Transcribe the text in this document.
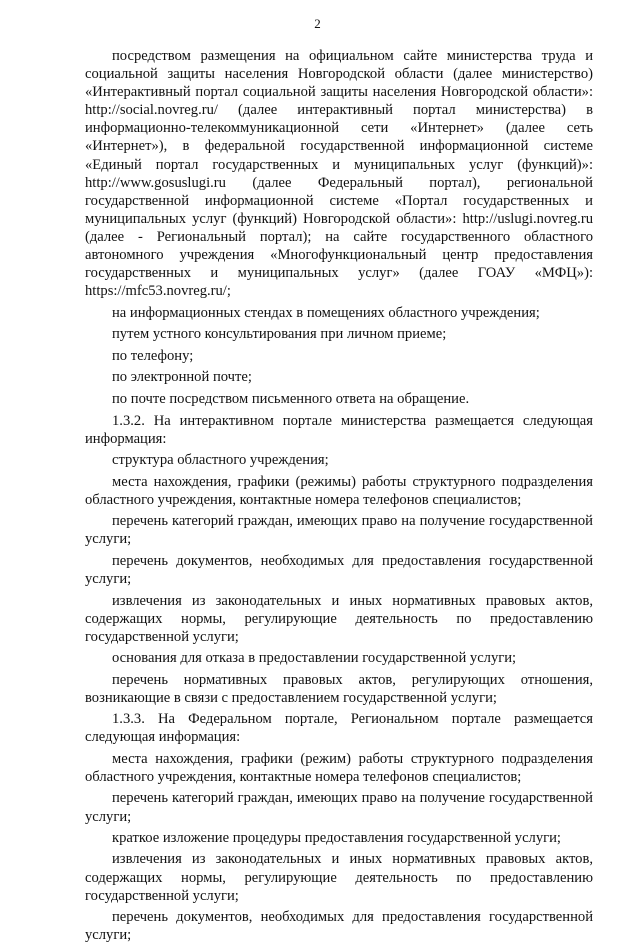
2

посредством размещения на официальном сайте министерства труда и социальной защиты населения Новгородской области (далее министерство) «Интерактивный портал социальной защиты населения Новгородской области»: http://social.novreg.ru/ (далее интерактивный портал министерства) в информационно-телекоммуникационной сети «Интернет» (далее сеть «Интернет»), в федеральной государственной информационной системе «Единый портал государственных и муниципальных услуг (функций)»: http://www.gosuslugi.ru (далее Федеральный портал), региональной государственной информационной системе «Портал государственных и муниципальных услуг (функций) Новгородской области»: http://uslugi.novreg.ru (далее - Региональный портал); на сайте государственного областного автономного учреждения «Многофункциональный центр предоставления государственных и муниципальных услуг» (далее ГОАУ «МФЦ»): https://mfc53.novreg.ru/;

на информационных стендах в помещениях областного учреждения;

путем устного консультирования при личном приеме;

по телефону;

по электронной почте;

по почте посредством письменного ответа на обращение.

1.3.2. На интерактивном портале министерства размещается следующая информация:

структура областного учреждения;

места нахождения, графики (режимы) работы структурного подразделения областного учреждения, контактные номера телефонов специалистов;

перечень категорий граждан, имеющих право на получение государственной услуги;

перечень документов, необходимых для предоставления государственной услуги;

извлечения из законодательных и иных нормативных правовых актов, содержащих нормы, регулирующие деятельность по предоставлению государственной услуги;

основания для отказа в предоставлении государственной услуги;

перечень нормативных правовых актов, регулирующих отношения, возникающие в связи с предоставлением государственной услуги;

1.3.3. На Федеральном портале, Региональном портале размещается следующая информация:

места нахождения, графики (режим) работы структурного подразделения областного учреждения, контактные номера телефонов специалистов;

перечень категорий граждан, имеющих право на получение государственной услуги;

краткое изложение процедуры предоставления государственной услуги;

извлечения из законодательных и иных нормативных правовых актов, содержащих нормы, регулирующие деятельность по предоставлению государственной услуги;

перечень документов, необходимых для предоставления государственной услуги;
